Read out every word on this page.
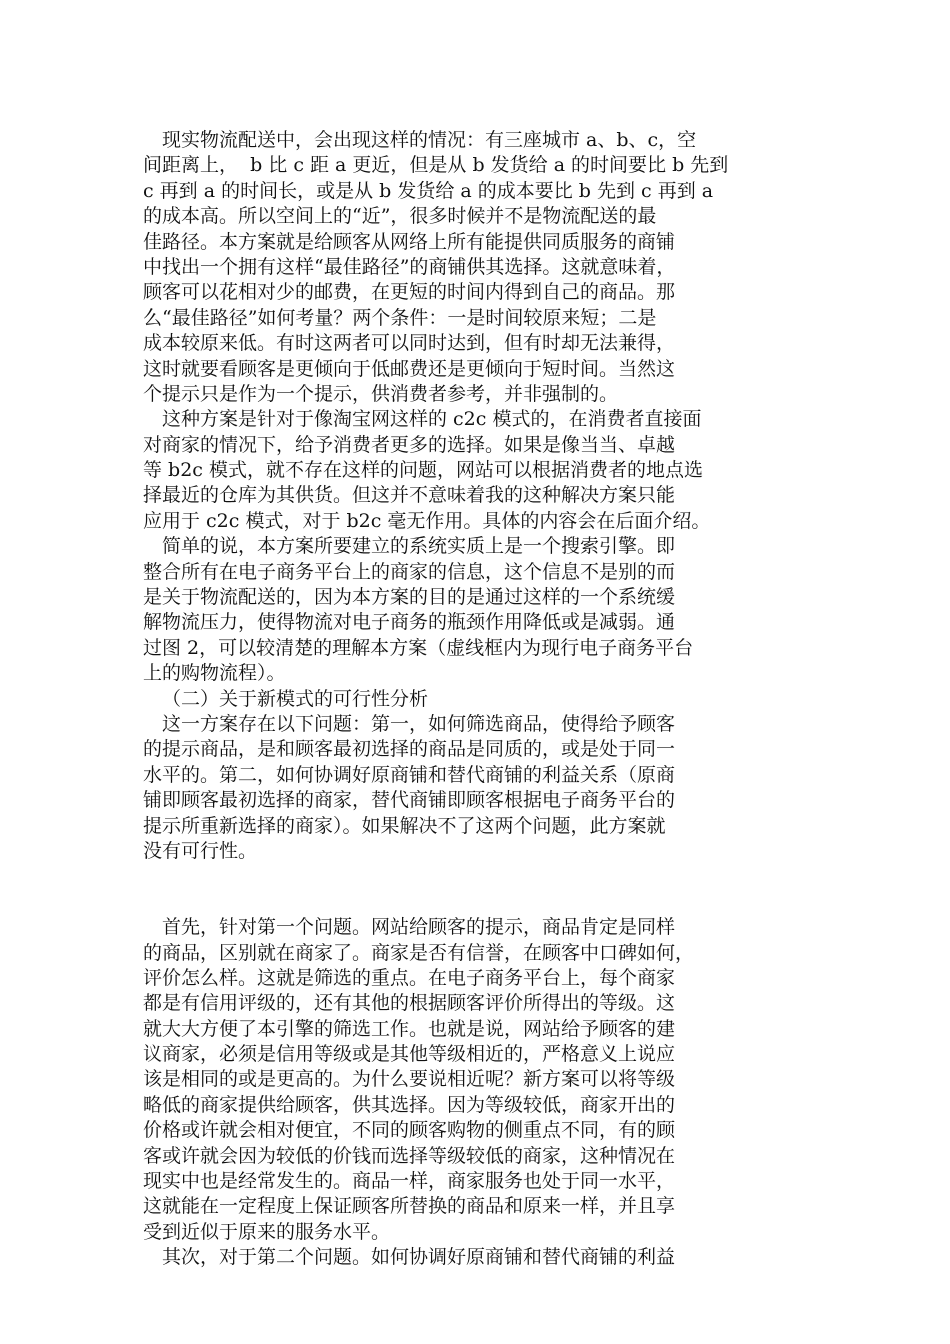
现实物流配送中，会出现这样的情况：有三座城市 a、b、c，空
间距离上，  b 比 c 距 a 更近，但是从 b 发货给 a 的时间要比 b 先到
c 再到 a 的时间长，或是从 b 发货给 a 的成本要比 b 先到 c 再到 a
的成本高。所以空间上的“近”，很多时候并不是物流配送的最
佳路径。本方案就是给顾客从网络上所有能提供同质服务的商铺
中找出一个拥有这样“最佳路径”的商铺供其选择。这就意味着，
顾客可以花相对少的邮费，在更短的时间内得到自己的商品。那
么“最佳路径”如何考量？两个条件：一是时间较原来短；二是
成本较原来低。有时这两者可以同时达到，但有时却无法兼得，
这时就要看顾客是更倾向于低邮费还是更倾向于短时间。当然这
个提示只是作为一个提示，供消费者参考，并非强制的。
这种方案是针对于像淘宝网这样的 c2c 模式的，在消费者直接面
对商家的情况下，给予消费者更多的选择。如果是像当当、卓越
等 b2c 模式，就不存在这样的问题，网站可以根据消费者的地点选
择最近的仓库为其供货。但这并不意味着我的这种解决方案只能
应用于 c2c 模式，对于 b2c 毫无作用。具体的内容会在后面介绍。
简单的说，本方案所要建立的系统实质上是一个搜索引擎。即
整合所有在电子商务平台上的商家的信息，这个信息不是别的而
是关于物流配送的，因为本方案的目的是通过这样的一个系统缓
解物流压力，使得物流对电子商务的瓶颈作用降低或是减弱。通
过图 2，可以较清楚的理解本方案（虚线框内为现行电子商务平台
上的购物流程）。
（二）关于新模式的可行性分析
这一方案存在以下问题：第一，如何筛选商品，使得给予顾客
的提示商品，是和顾客最初选择的商品是同质的，或是处于同一
水平的。第二，如何协调好原商铺和替代商铺的利益关系（原商
铺即顾客最初选择的商家，替代商铺即顾客根据电子商务平台的
提示所重新选择的商家）。如果解决不了这两个问题，此方案就
没有可行性。
首先，针对第一个问题。网站给顾客的提示，商品肯定是同样
的商品，区别就在商家了。商家是否有信誉，在顾客中口碑如何，
评价怎么样。这就是筛选的重点。在电子商务平台上，每个商家
都是有信用评级的，还有其他的根据顾客评价所得出的等级。这
就大大方便了本引擎的筛选工作。也就是说，网站给予顾客的建
议商家，必须是信用等级或是其他等级相近的，严格意义上说应
该是相同的或是更高的。为什么要说相近呢？新方案可以将等级
略低的商家提供给顾客，供其选择。因为等级较低，商家开出的
价格或许就会相对便宜，不同的顾客购物的侧重点不同，有的顾
客或许就会因为较低的价钱而选择等级较低的商家，这种情况在
现实中也是经常发生的。商品一样，商家服务也处于同一水平，
这就能在一定程度上保证顾客所替换的商品和原来一样，并且享
受到近似于原来的服务水平。
其次，对于第二个问题。如何协调好原商铺和替代商铺的利益
